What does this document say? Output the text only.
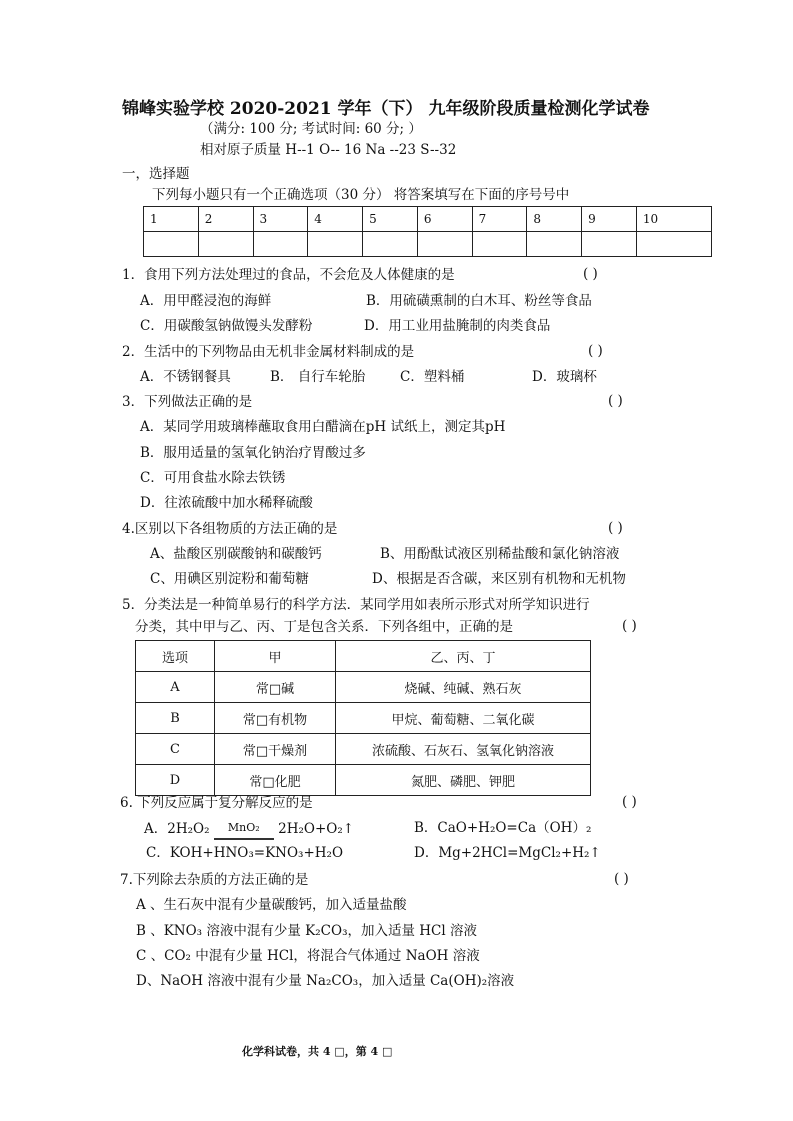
锦峰实验学校 2020-2021 学年（下） 九年级阶段质量检测化学试卷
（满分: 100 分; 考试时间: 60 分; ）
相对原子质量 H--1 O-- 16 Na --23 S--32
一，选择题
下列每小题只有一个正确选项（30 分） 将答案填写在下面的序号号中
1	2	3	4	5	6	7	8	9	10

1．食用下列方法处理过的食品，不会危及人体健康的是	( )
A．用甲醛浸泡的海鲜	B．用硫磺熏制的白木耳、粉丝等食品
C．用碳酸氢钠做馒头发酵粉	D．用工业用盐腌制的肉类食品
2．生活中的下列物品由无机非金属材料制成的是	( )
A．不锈钢餐具	B． 自行车轮胎	C．塑料桶	D．玻璃杯
3．下列做法正确的是	( )
A．某同学用玻璃棒蘸取食用白醋滴在pH 试纸上，测定其pH
B．服用适量的氢氧化钠治疗胃酸过多
C．可用食盐水除去铁锈
D．往浓硫酸中加水稀释硫酸
4.区别以下各组物质的方法正确的是	( )
A、盐酸区别碳酸钠和碳酸钙	B、用酚酞试液区别稀盐酸和氯化钠溶液
C、用碘区别淀粉和葡萄糖	D、根据是否含碳，来区别有机物和无机物
5．分类法是一种简单易行的科学方法．某同学用如表所示形式对所学知识进行
分类，其中甲与乙、丙、丁是包含关系．下列各组中，正确的是	( )
选项	甲	乙、丙、丁
A	常□碱	烧碱、纯碱、熟石灰
B	常□有机物	甲烷、葡萄糖、二氧化碳
C	常□干燥剂	浓硫酸、石灰石、氢氧化钠溶液
D	常□化肥	氮肥、磷肥、钾肥
6. 下列反应属于复分解反应的是	( )
A．2H₂O₂ MnO₂ 2H₂O+O₂↑	B．CaO+H₂O=Ca（OH）₂
C．KOH+HNO₃=KNO₃+H₂O	D．Mg+2HCl=MgCl₂+H₂↑
7.下列除去杂质的方法正确的是	( )
A 、生石灰中混有少量碳酸钙，加入适量盐酸
B 、KNO₃ 溶液中混有少量 K₂CO₃，加入适量 HCl 溶液
C 、CO₂ 中混有少量 HCl，将混合气体通过 NaOH 溶液
D、NaOH 溶液中混有少量 Na₂CO₃，加入适量 Ca(OH)₂溶液
化学科试卷，共 4 □，第 4 □
